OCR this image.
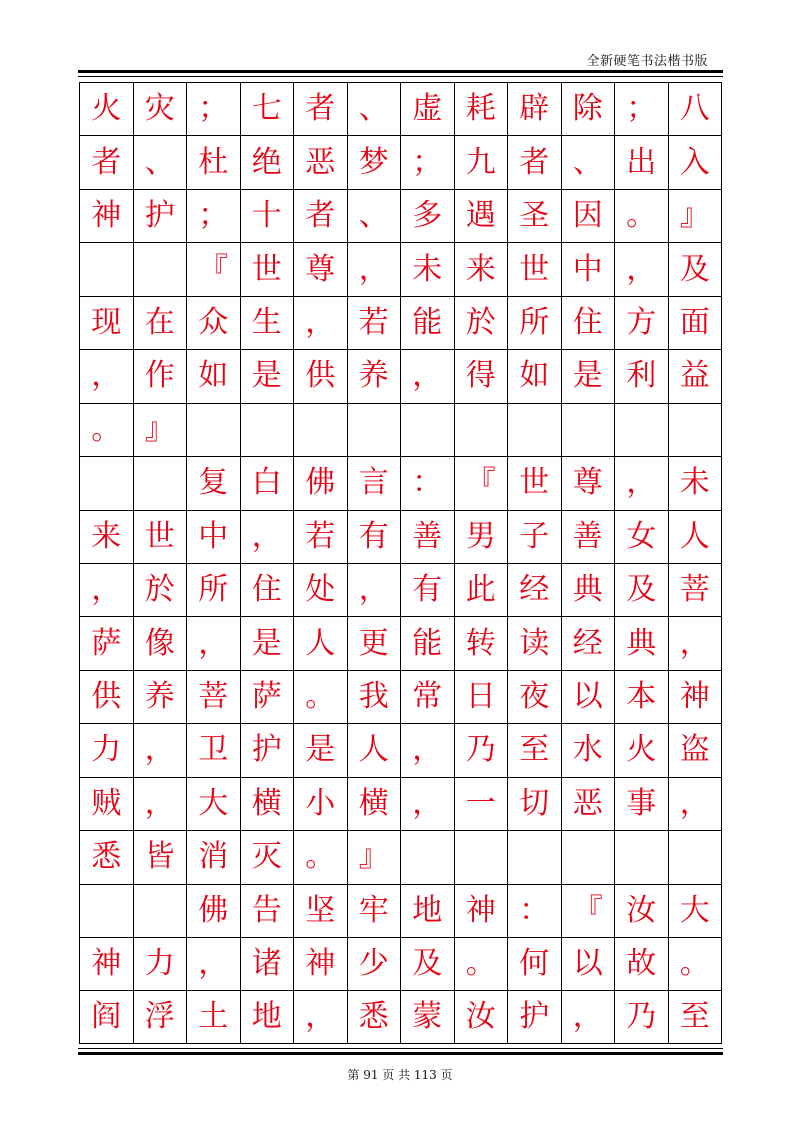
全新硬笔书法楷书版
火 灾 ； 七 者 、 虚 耗 辟 除 ； 八
者 、 杜 绝 恶 梦 ； 九 者 、 出 入
神 护 ； 十 者 、 多 遇 圣 因 。 』
『 世 尊 ， 未 来 世 中 ， 及
现 在 众 生 ， 若 能 於 所 住 方 面
， 作 如 是 供 养 ， 得 如 是 利 益
。 』
复 白 佛 言 ： 『 世 尊 ， 未
来 世 中 ， 若 有 善 男 子 善 女 人
， 於 所 住 处 ， 有 此 经 典 及 菩
萨 像 ， 是 人 更 能 转 读 经 典 ，
供 养 菩 萨 。 我 常 日 夜 以 本 神
力 ， 卫 护 是 人 ， 乃 至 水 火 盗
贼 ， 大 横 小 横 ， 一 切 恶 事 ，
悉 皆 消 灭 。 』
佛 告 坚 牢 地 神 ： 『 汝 大
神 力 ， 诸 神 少 及 。 何 以 故 。
阎 浮 土 地 ， 悉 蒙 汝 护 ， 乃 至
第 91 页 共 113 页
